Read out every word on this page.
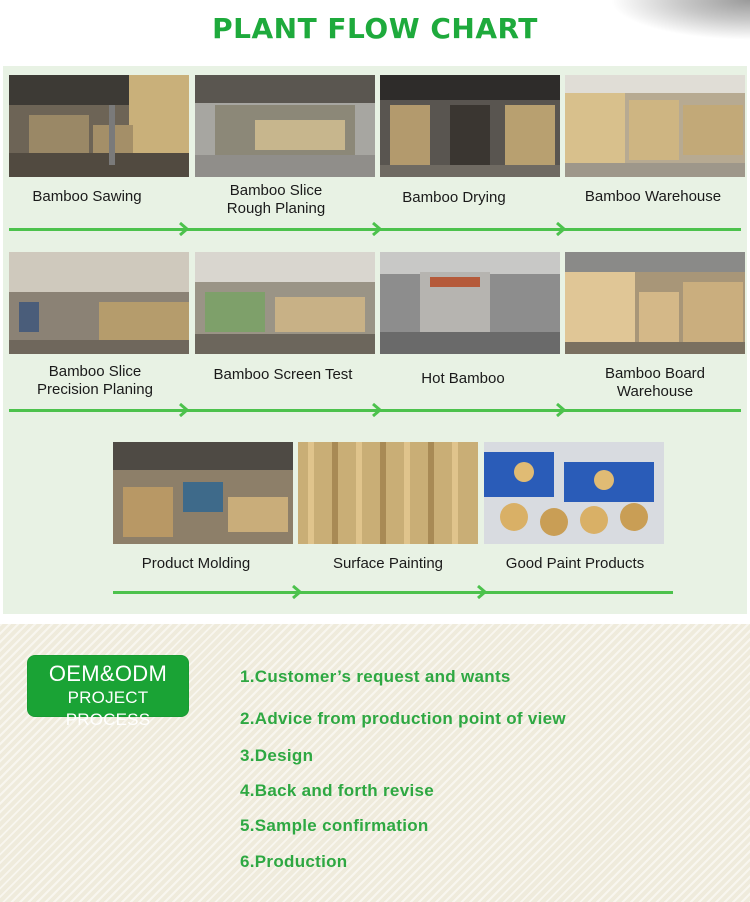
PLANT FLOW CHART
Bamboo Sawing	Bamboo Slice
Rough Planing
Bamboo Drying	Bamboo Warehouse
Bamboo Slice
Precision Planing
Bamboo Screen Test	Hot Bamboo	Bamboo Board
Warehouse
Product Molding	Surface Painting	Good Paint Products
OEM&ODM
PROJECT PROCESS
1.Customer’s request and wants
2.Advice from production point of view
3.Design
4.Back and forth revise
5.Sample confirmation
6.Production
